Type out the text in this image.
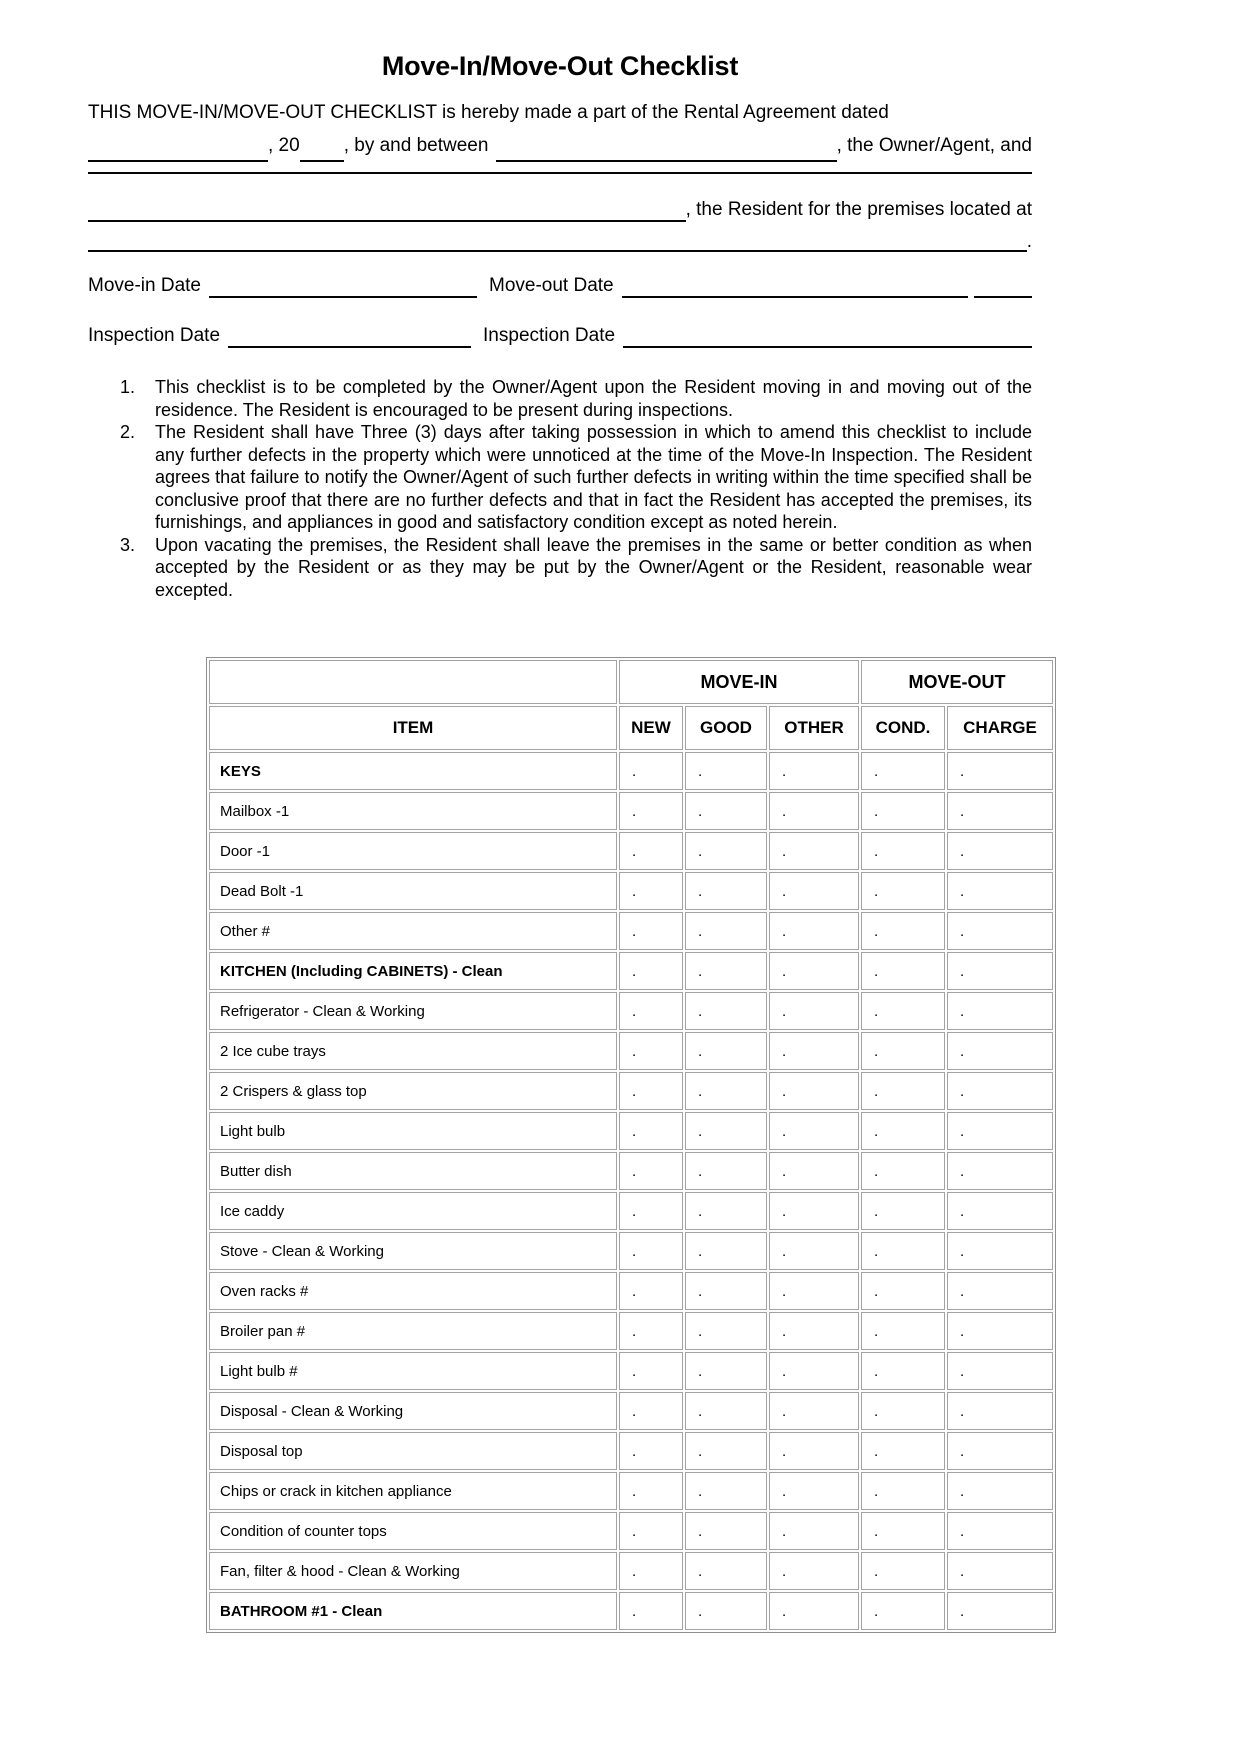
Move-In/Move-Out Checklist
THIS MOVE-IN/MOVE-OUT CHECKLIST is hereby made a part of the Rental Agreement dated
, 20 , by and between	, the Owner/Agent, and
, the Resident for the premises located at
.
Move-in Date	Move-out Date
Inspection Date	Inspection Date
1. This checklist is to be completed by the Owner/Agent upon the Resident moving in and moving out of the residence. The Resident is encouraged to be present during inspections.
2. The Resident shall have Three (3) days after taking possession in which to amend this checklist to include any further defects in the property which were unnoticed at the time of the Move-In Inspection. The Resident agrees that failure to notify the Owner/Agent of such further defects in writing within the time specified shall be conclusive proof that there are no further defects and that in fact the Resident has accepted the premises, its furnishings, and appliances in good and satisfactory condition except as noted herein.
3. Upon vacating the premises, the Resident shall leave the premises in the same or better condition as when accepted by the Resident or as they may be put by the Owner/Agent or the Resident, reasonable wear excepted.
	MOVE-IN			MOVE-OUT	
ITEM	NEW	GOOD	OTHER	COND.	CHARGE
KEYS	.	.	.	.	.
Mailbox -1	.	.	.	.	.
Door -1	.	.	.	.	.
Dead Bolt -1	.	.	.	.	.
Other #	.	.	.	.	.
KITCHEN (Including CABINETS) - Clean	.	.	.	.	.
Refrigerator - Clean & Working	.	.	.	.	.
2 Ice cube trays	.	.	.	.	.
2 Crispers & glass top	.	.	.	.	.
Light bulb	.	.	.	.	.
Butter dish	.	.	.	.	.
Ice caddy	.	.	.	.	.
Stove - Clean & Working	.	.	.	.	.
Oven racks #	.	.	.	.	.
Broiler pan #	.	.	.	.	.
Light bulb #	.	.	.	.	.
Disposal - Clean & Working	.	.	.	.	.
Disposal top	.	.	.	.	.
Chips or crack in kitchen appliance	.	.	.	.	.
Condition of counter tops	.	.	.	.	.
Fan, filter & hood - Clean & Working	.	.	.	.	.
BATHROOM #1 - Clean	.	.	.	.	.
